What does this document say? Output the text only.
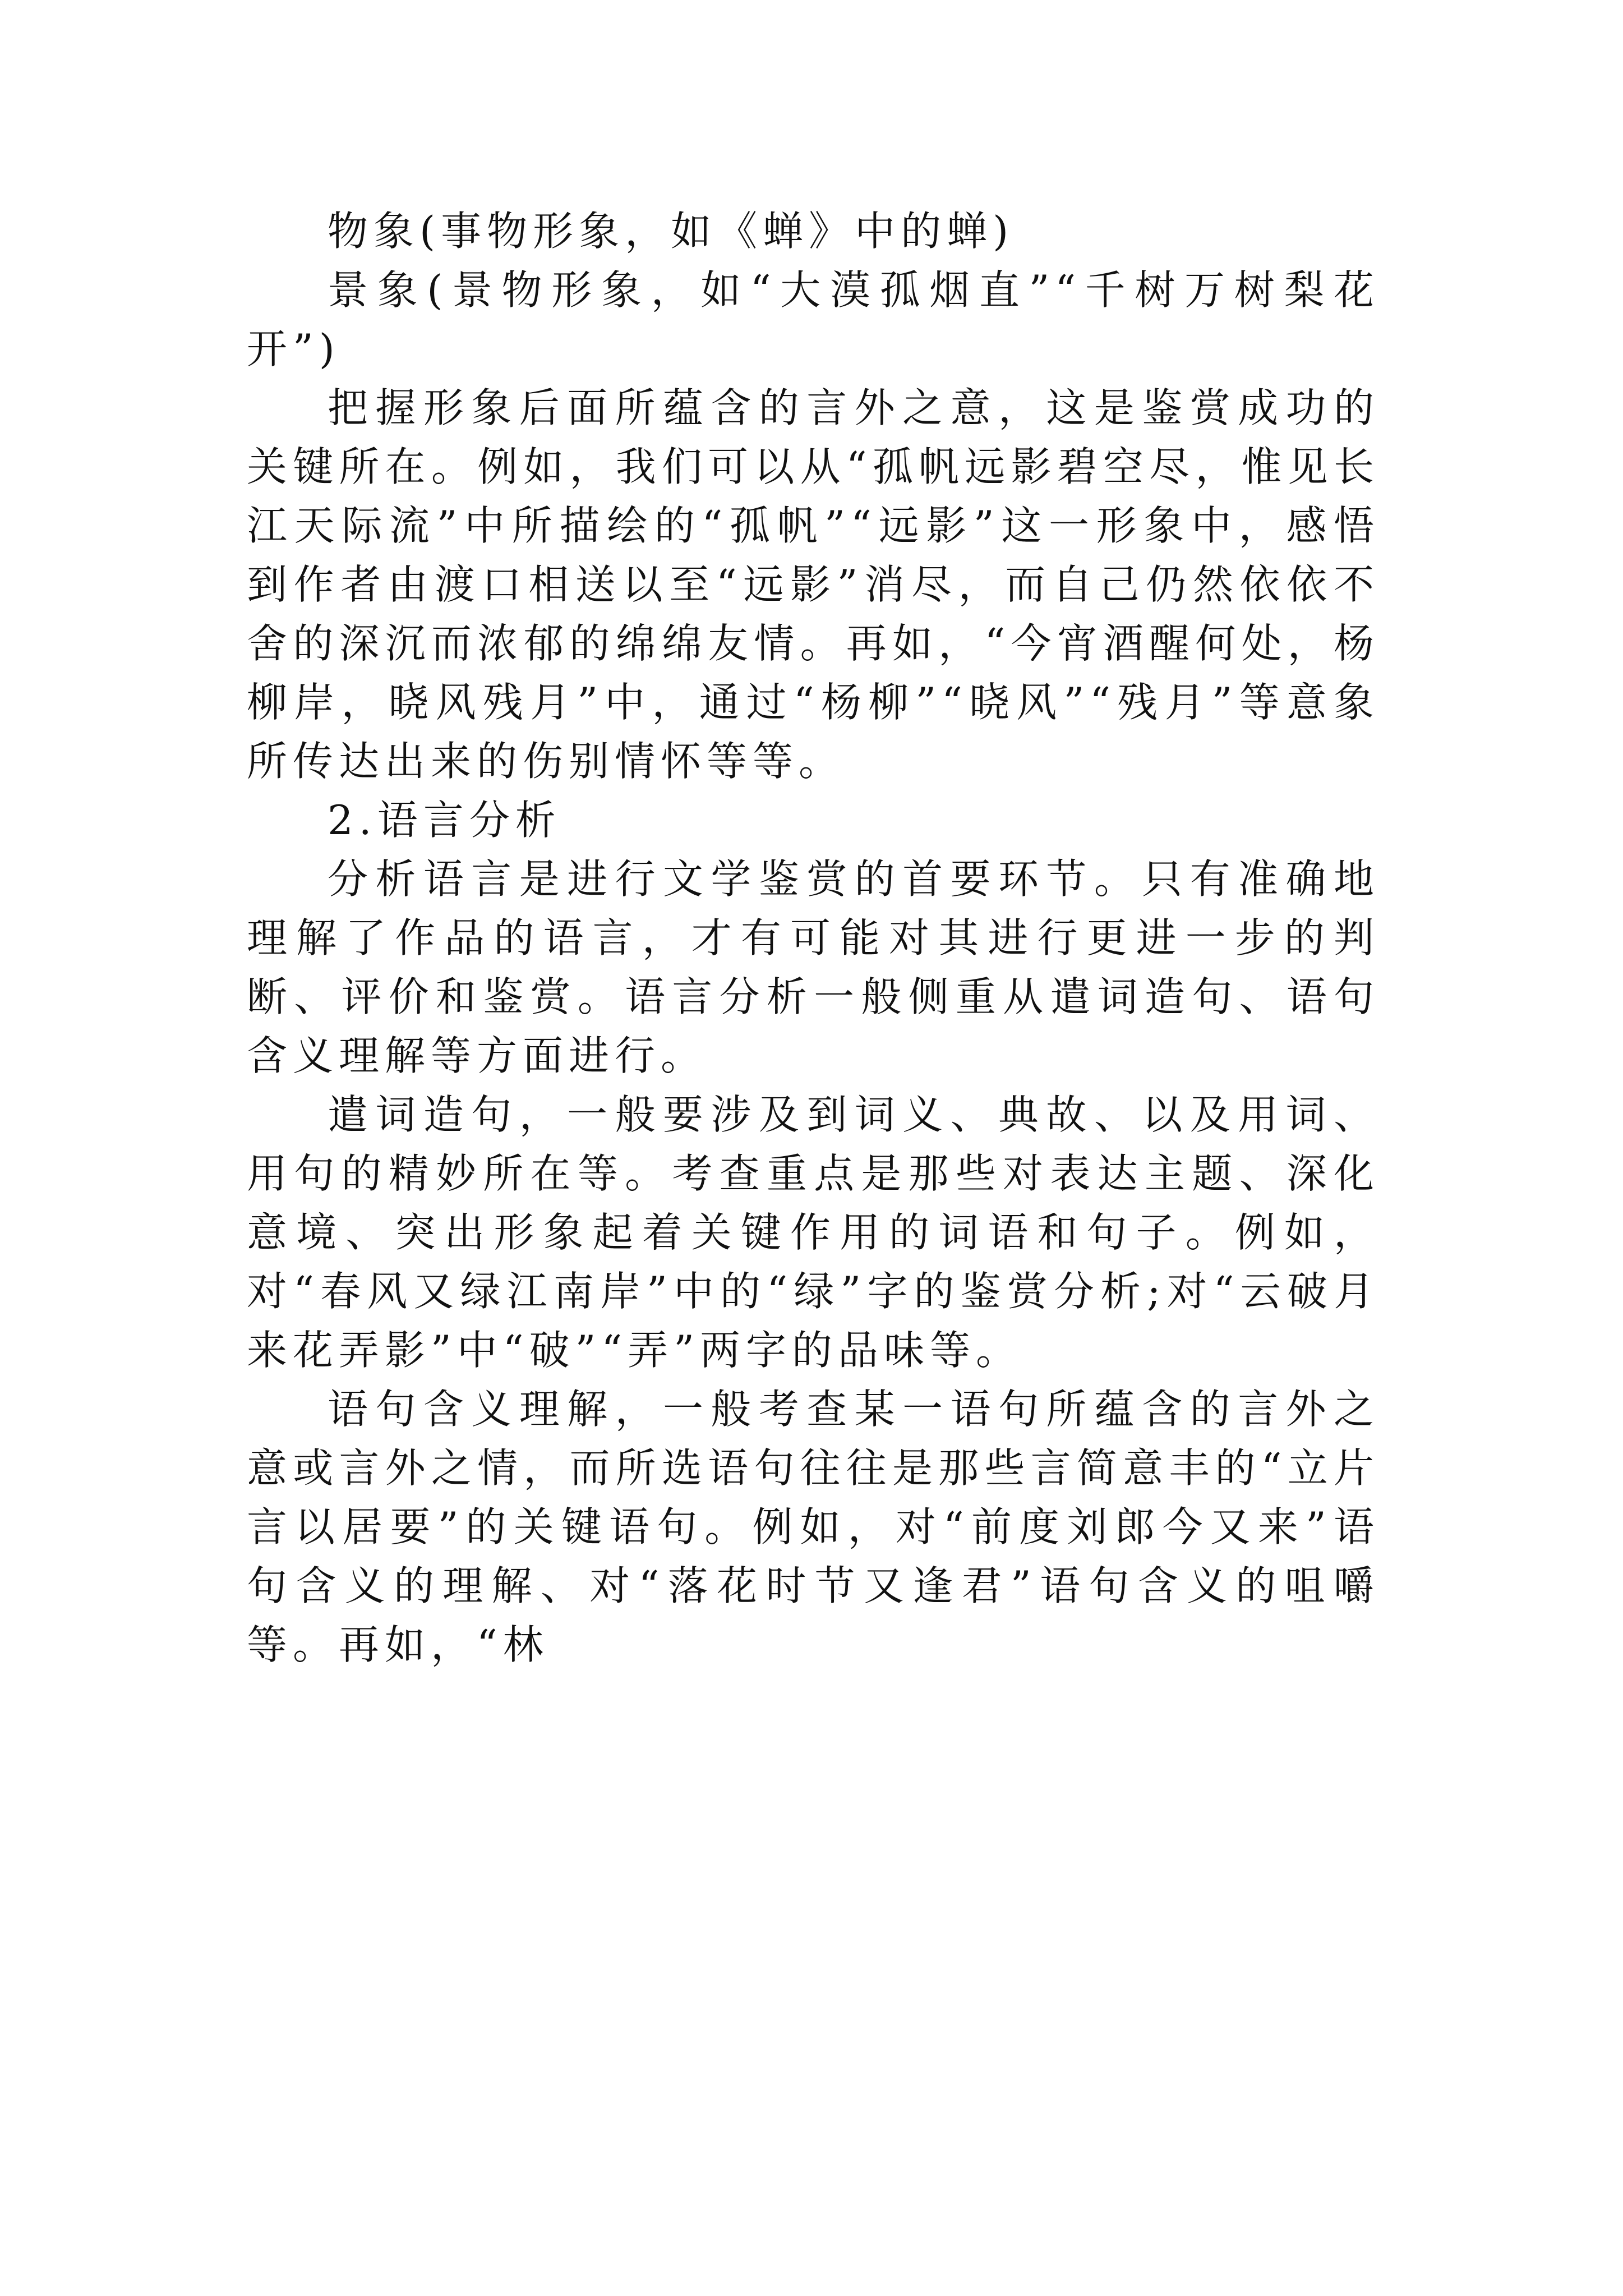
物象(事物形象，如《蝉》中的蝉)

景象(景物形象，如“大漠孤烟直”“千树万树梨花开”)

把握形象后面所蕴含的言外之意，这是鉴赏成功的关键所在。例如，我们可以从“孤帆远影碧空尽，惟见长江天际流”中所描绘的“孤帆”“远影”这一形象中，感悟到作者由渡口相送以至“远影”消尽，而自己仍然依依不舍的深沉而浓郁的绵绵友情。再如，“今宵酒醒何处，杨柳岸，晓风残月”中，通过“杨柳”“晓风”“残月”等意象所传达出来的伤别情怀等等。

2.语言分析

分析语言是进行文学鉴赏的首要环节。只有准确地理解了作品的语言，才有可能对其进行更进一步的判断、评价和鉴赏。语言分析一般侧重从遣词造句、语句含义理解等方面进行。

遣词造句，一般要涉及到词义、典故、以及用词、用句的精妙所在等。考查重点是那些对表达主题、深化意境、突出形象起着关键作用的词语和句子。例如，对“春风又绿江南岸”中的“绿”字的鉴赏分析;对“云破月来花弄影”中“破”“弄”两字的品味等。

语句含义理解，一般考查某一语句所蕴含的言外之意或言外之情，而所选语句往往是那些言简意丰的“立片言以居要”的关键语句。例如，对“前度刘郎今又来”语句含义的理解、对“落花时节又逢君”语句含义的咀嚼等。再如，“林
